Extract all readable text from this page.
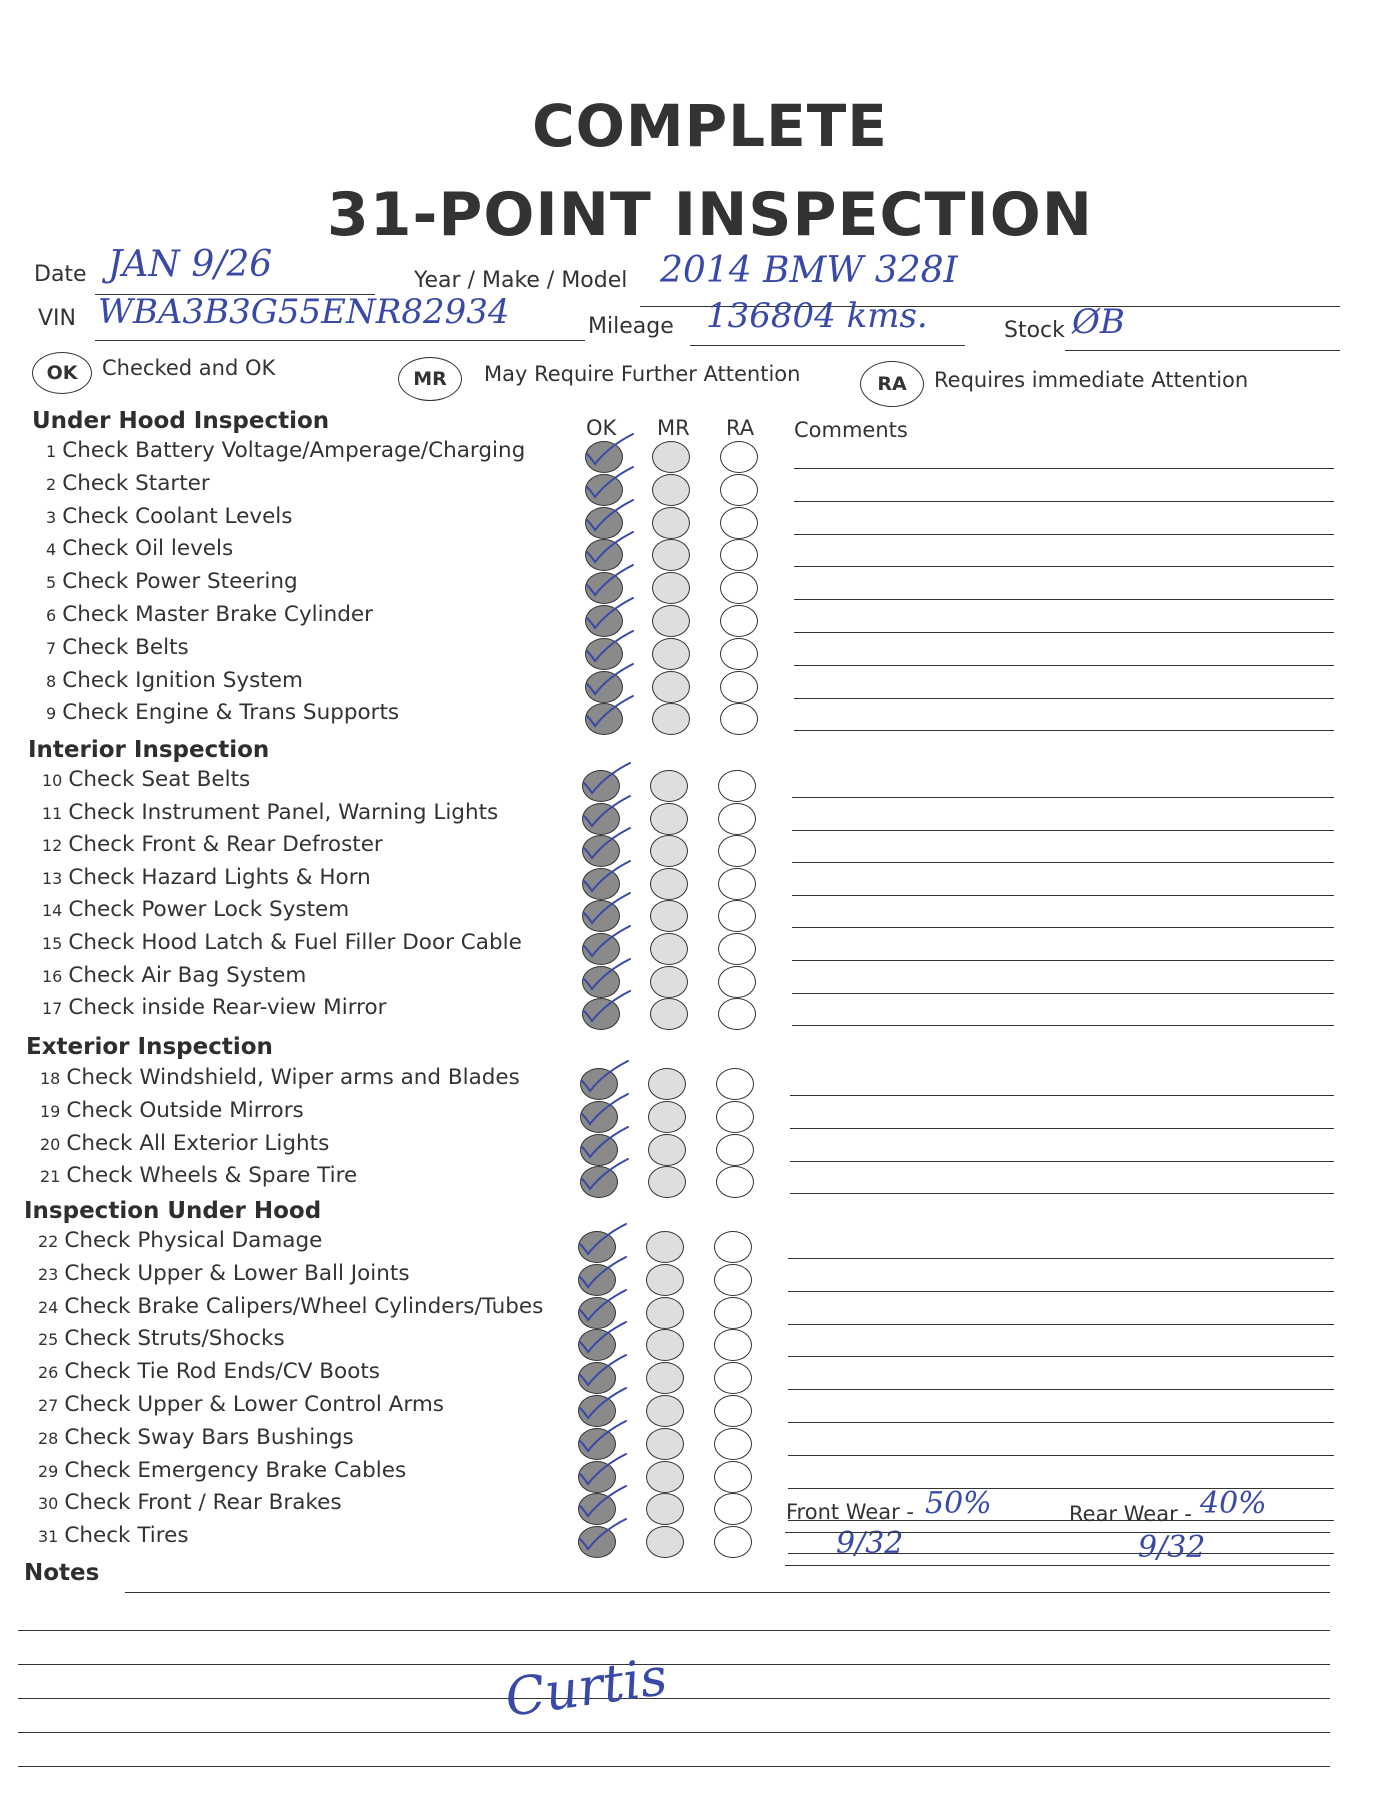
COMPLETE
31-POINT INSPECTION
Date JAN 9/26	Year / Make / Model 2014 BMW 328I
VIN WBA3B3G55ENR82934	Mileage 136804 kms.	Stock ØB
OK	Checked and OK	MR	May Require Further Attention	RA	Requires immediate Attention
OK MR RA Comments
Under Hood Inspection
1 Check Battery Voltage/Amperage/Charging
2 Check Starter
3 Check Coolant Levels
4 Check Oil levels
5 Check Power Steering
6 Check Master Brake Cylinder
7 Check Belts
8 Check Ignition System
9 Check Engine & Trans Supports
Interior Inspection
10 Check Seat Belts
11 Check Instrument Panel, Warning Lights
12 Check Front & Rear Defroster
13 Check Hazard Lights & Horn
14 Check Power Lock System
15 Check Hood Latch & Fuel Filler Door Cable
16 Check Air Bag System
17 Check inside Rear-view Mirror
Exterior Inspection
18 Check Windshield, Wiper arms and Blades
19 Check Outside Mirrors
20 Check All Exterior Lights
21 Check Wheels & Spare Tire
Inspection Under Hood
22 Check Physical Damage
23 Check Upper & Lower Ball Joints
24 Check Brake Calipers/Wheel Cylinders/Tubes
25 Check Struts/Shocks
26 Check Tie Rod Ends/CV Boots
27 Check Upper & Lower Control Arms
28 Check Sway Bars Bushings
29 Check Emergency Brake Cables
30 Check Front / Rear Brakes
31 Check Tires
Front Wear - 50%
9/32
Rear Wear - 40%
9/32
Notes
Curtis
